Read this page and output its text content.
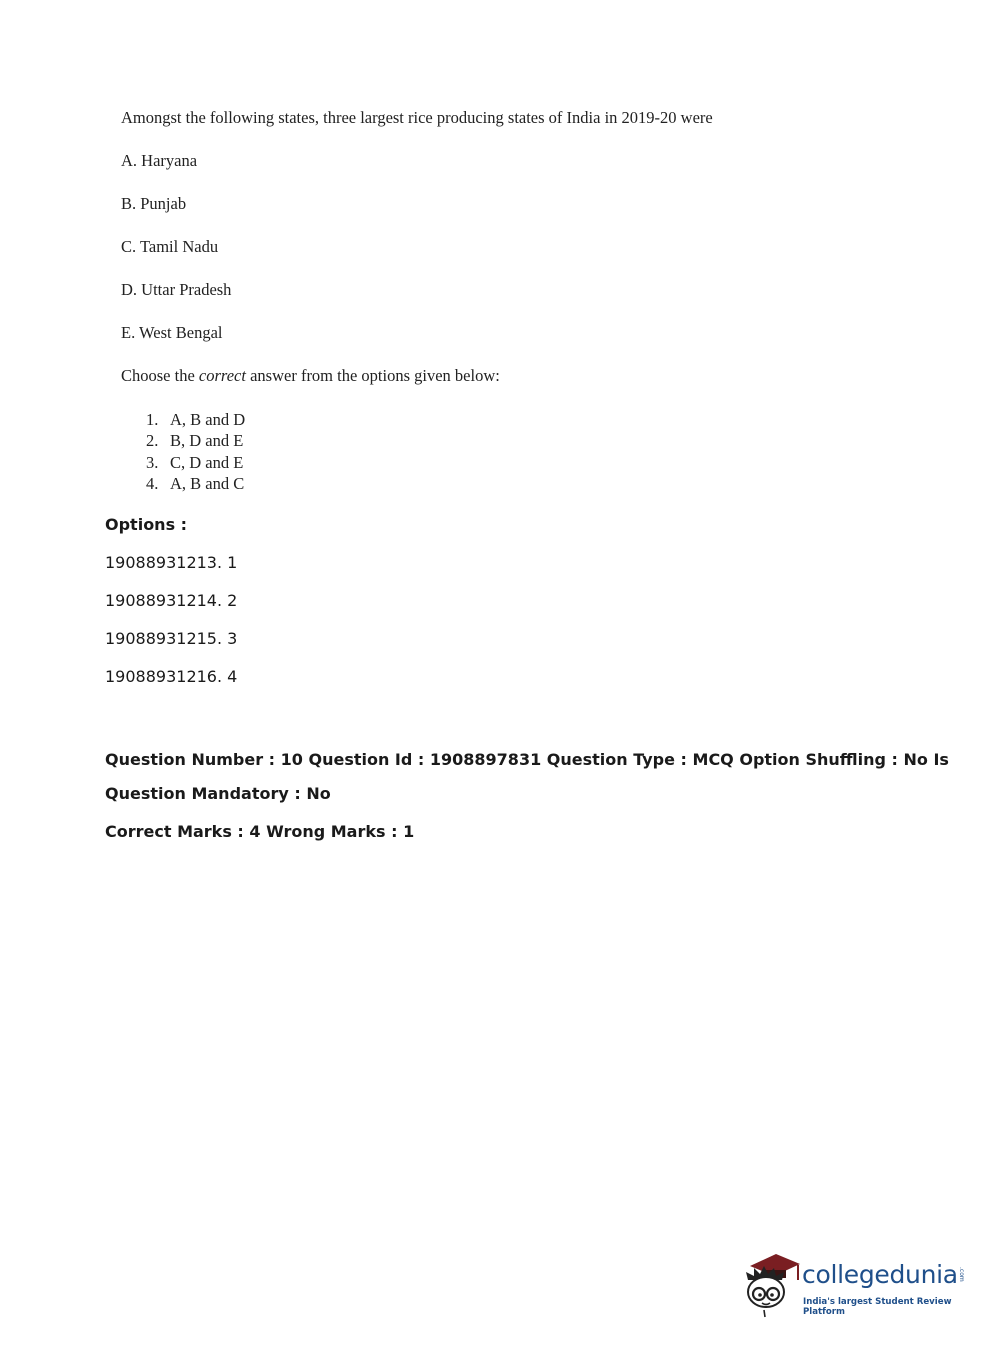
Amongst the following states, three largest rice producing states of India in 2019-20 were
A. Haryana
B. Punjab
C. Tamil Nadu
D. Uttar Pradesh
E. West Bengal
Choose the correct answer from the options given below:
1. A, B and D
2. B, D and E
3. C, D and E
4. A, B and C
Options :
19088931213. 1
19088931214. 2
19088931215. 3
19088931216. 4
Question Number : 10 Question Id : 1908897831 Question Type : MCQ Option Shuffling : No Is
Question Mandatory : No
Correct Marks : 4 Wrong Marks : 1
collegedunia .com
India's largest Student Review Platform
